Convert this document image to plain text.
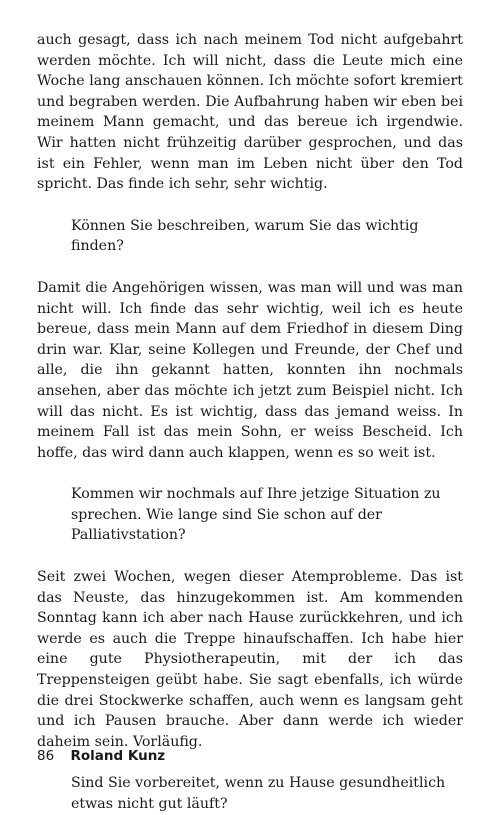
auch gesagt, dass ich nach meinem Tod nicht aufgebahrt werden möchte. Ich will nicht, dass die Leute mich eine Woche lang anschauen können. Ich möchte sofort kremiert und begraben werden. Die Aufbahrung haben wir eben bei meinem Mann gemacht, und das bereue ich irgendwie. Wir hatten nicht frühzeitig darüber gesprochen, und das ist ein Fehler, wenn man im Leben nicht über den Tod spricht. Das finde ich sehr, sehr wichtig.

Können Sie beschreiben, warum Sie das wichtig finden?

Damit die Angehörigen wissen, was man will und was man nicht will. Ich finde das sehr wichtig, weil ich es heute bereue, dass mein Mann auf dem Friedhof in diesem Ding drin war. Klar, seine Kollegen und Freunde, der Chef und alle, die ihn gekannt hatten, konnten ihn nochmals ansehen, aber das möchte ich jetzt zum Beispiel nicht. Ich will das nicht. Es ist wichtig, dass das jemand weiss. In meinem Fall ist das mein Sohn, er weiss Bescheid. Ich hoffe, das wird dann auch klappen, wenn es so weit ist.

Kommen wir nochmals auf Ihre jetzige Situation zu sprechen. Wie lange sind Sie schon auf der Palliativstation?

Seit zwei Wochen, wegen dieser Atemprobleme. Das ist das Neuste, das hinzugekommen ist. Am kommenden Sonntag kann ich aber nach Hause zurückkehren, und ich werde es auch die Treppe hinaufschaffen. Ich habe hier eine gute Physiotherapeutin, mit der ich das Treppensteigen geübt habe. Sie sagt ebenfalls, ich würde die drei Stockwerke schaffen, auch wenn es langsam geht und ich Pausen brauche. Aber dann werde ich wieder daheim sein. Vorläufig.

Sind Sie vorbereitet, wenn zu Hause gesundheitlich etwas nicht gut läuft?

86 Roland Kunz
